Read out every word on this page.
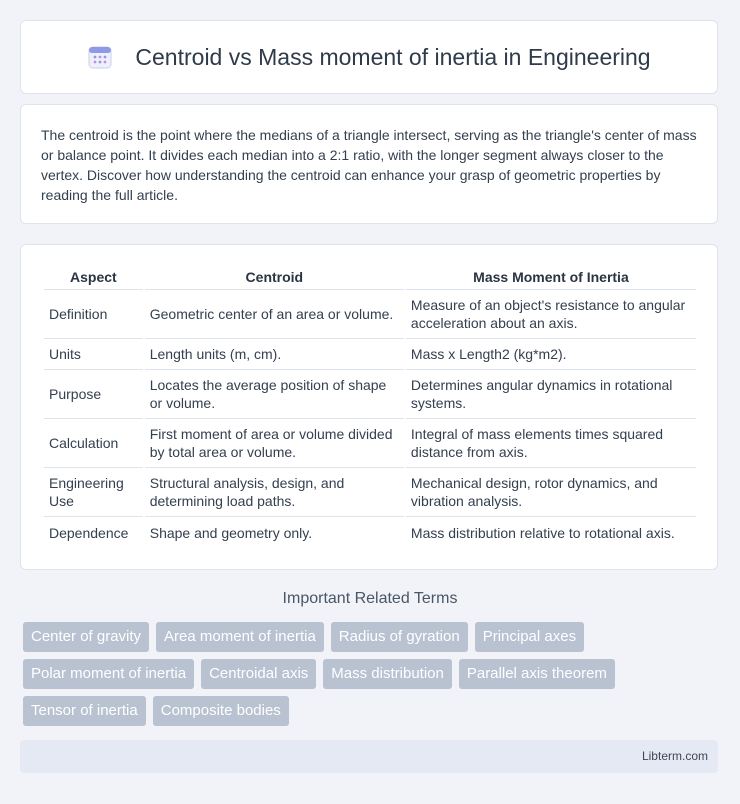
Centroid vs Mass moment of inertia in Engineering
The centroid is the point where the medians of a triangle intersect, serving as the triangle's center of mass or balance point. It divides each median into a 2:1 ratio, with the longer segment always closer to the vertex. Discover how understanding the centroid can enhance your grasp of geometric properties by reading the full article.
Aspect	Centroid	Mass Moment of Inertia
Definition	Geometric center of an area or volume.	Measure of an object's resistance to angular acceleration about an axis.
Units	Length units (m, cm).	Mass x Length2 (kg*m2).
Purpose	Locates the average position of shape or volume.	Determines angular dynamics in rotational systems.
Calculation	First moment of area or volume divided by total area or volume.	Integral of mass elements times squared distance from axis.
Engineering Use	Structural analysis, design, and determining load paths.	Mechanical design, rotor dynamics, and vibration analysis.
Dependence	Shape and geometry only.	Mass distribution relative to rotational axis.
Important Related Terms
Center of gravity	Area moment of inertia	Radius of gyration	Principal axes
Polar moment of inertia	Centroidal axis	Mass distribution	Parallel axis theorem
Tensor of inertia	Composite bodies
Libterm.com
